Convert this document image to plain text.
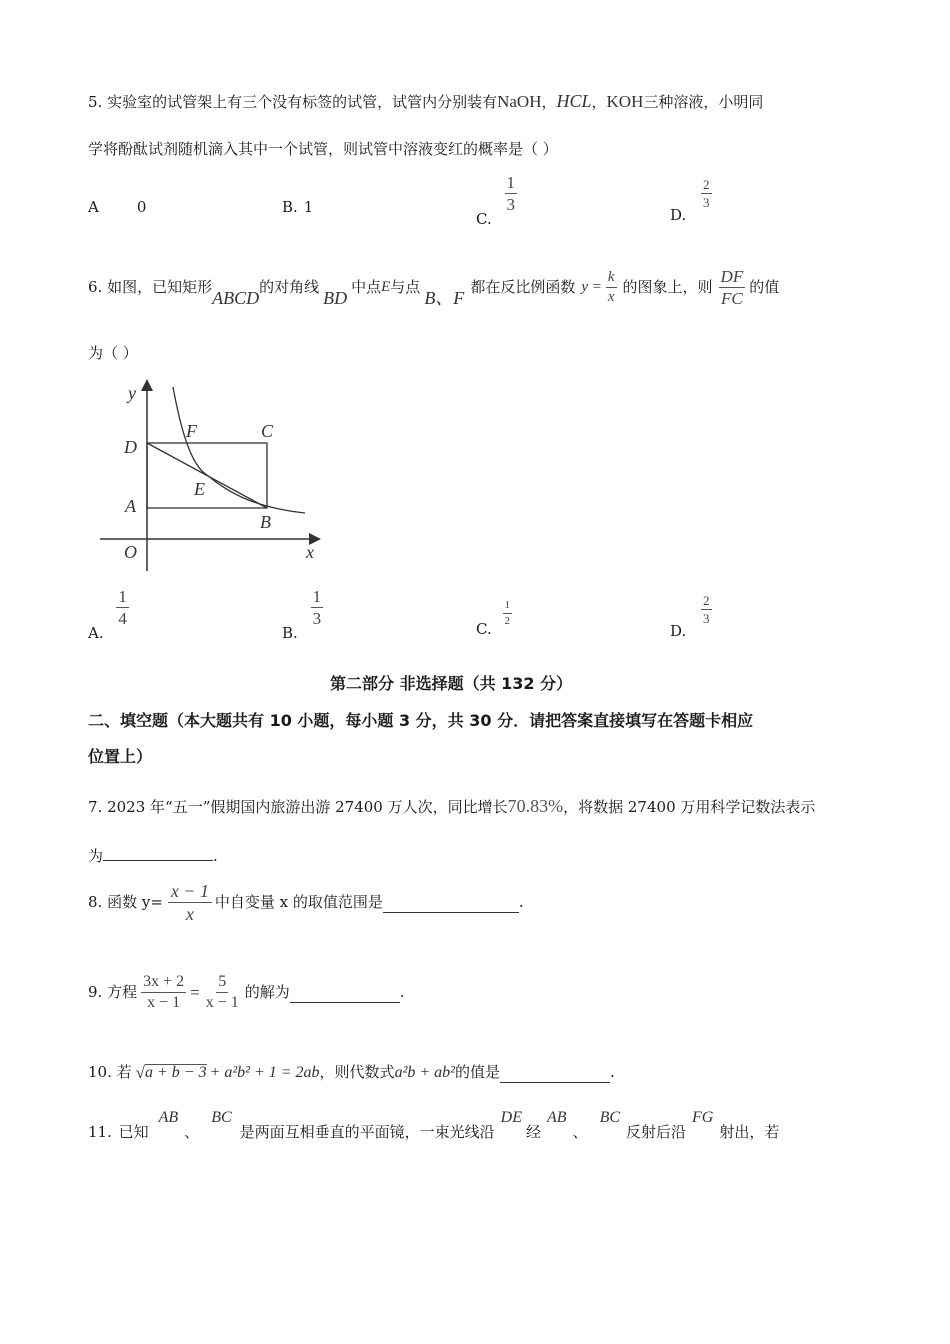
5. 实验室的试管架上有三个没有标签的试管，试管内分别装有NaOH，HCL，KOH三种溶液，小明同
学将酚酞试剂随机滴入其中一个试管，则试管中溶液变红的概率是（ ）
A	0	B. 1
C.
$\frac{1}{3}$
D.
$\frac{2}{3}$
6. 如图，已知矩形
ABCD
的对角线
BD
中点 E 与点
B、F
都在反比例函数 $y = \frac{k}{x}$ 的图象上，则 $\frac{DF}{FC}$ 的值
为（ ）
y
D
F	C
E
A
B
O	x
A.
$\frac{1}{4}$
B.
$\frac{1}{3}$
C.
$\frac{1}{2}$
D.
$\frac{2}{3}$
第二部分 非选择题（共 132 分）
二、填空题（本大题共有 10 小题，每小题 3 分，共 30 分．请把答案直接填写在答题卡相应
位置上）
7. 2023 年“五一”假期国内旅游出游 27400 万人次，同比增长70.83%，将数据 27400 万用科学记数法表示
为	.
8. 函数 $y= \frac{x - 1}{x}$ 中自变量 x 的取值范围是	.
9. 方程 $\frac{3x + 2}{x - 1} = \frac{5}{x - 1}$ 的解为	.
10. 若 √ a + b − 3 + a²b² + 1 = 2ab ，则代数式 a²b + ab² 的值是	.
11. 已知
AB
、
BC
是两面互相垂直的平面镜，一束光线沿
DE
经
AB
、
BC
反射后沿
FG
射出，若
